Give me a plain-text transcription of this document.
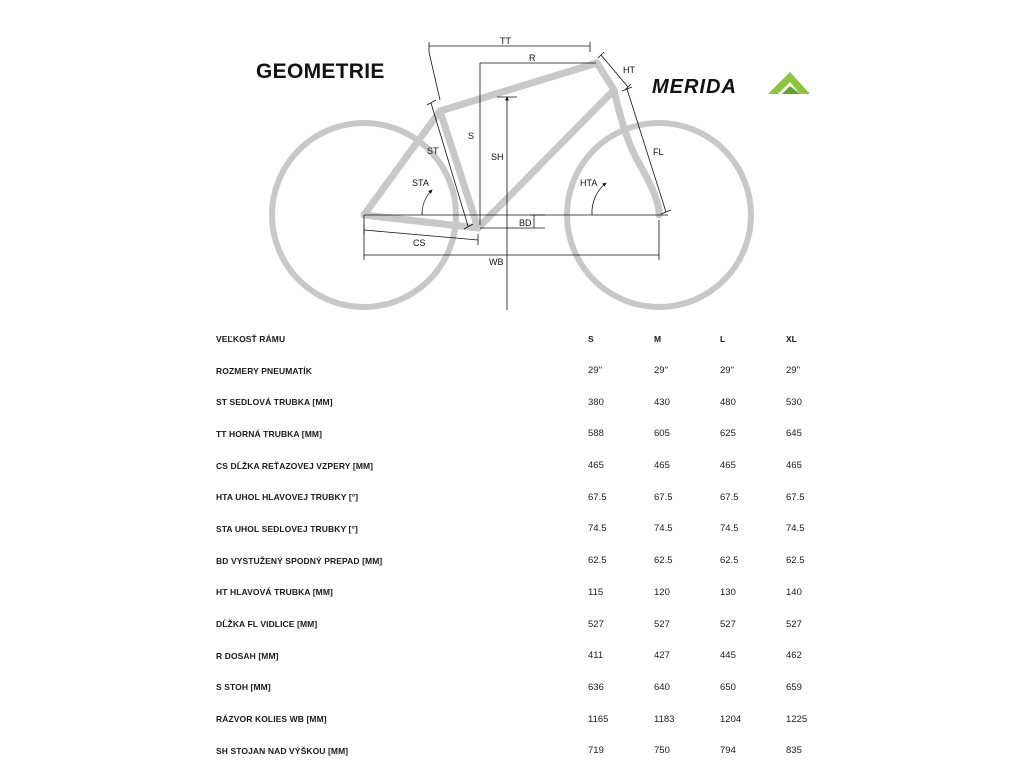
GEOMETRIE
MERIDA
TT
R
HT
S
SH
ST
STA	HTA
FL
BD
CS
WB
VEĽKOSŤ RÁMU	S	M	L	XL
ROZMERY PNEUMATÍK	29"	29"	29"	29"
ST SEDLOVÁ TRUBKA [MM]	380	430	480	530
TT HORNÁ TRUBKA [MM]	588	605	625	645
CS DĹŽKA REŤAZOVEJ VZPERY [MM]	465	465	465	465
HTA UHOL HLAVOVEJ TRUBKY [°]	67.5	67.5	67.5	67.5
STA UHOL SEDLOVEJ TRUBKY [°]	74.5	74.5	74.5	74.5
BD VYSTUŽENÝ SPODNÝ PREPAD [MM]	62.5	62.5	62.5	62.5
HT HLAVOVÁ TRUBKA [MM]	115	120	130	140
DĹŽKA FL VIDLICE [MM]	527	527	527	527
R DOSAH [MM]	411	427	445	462
S STOH [MM]	636	640	650	659
RÁZVOR KOLIES WB [MM]	1165	1183	1204	1225
SH STOJAN NAD VÝŠKOU [MM]	719	750	794	835
